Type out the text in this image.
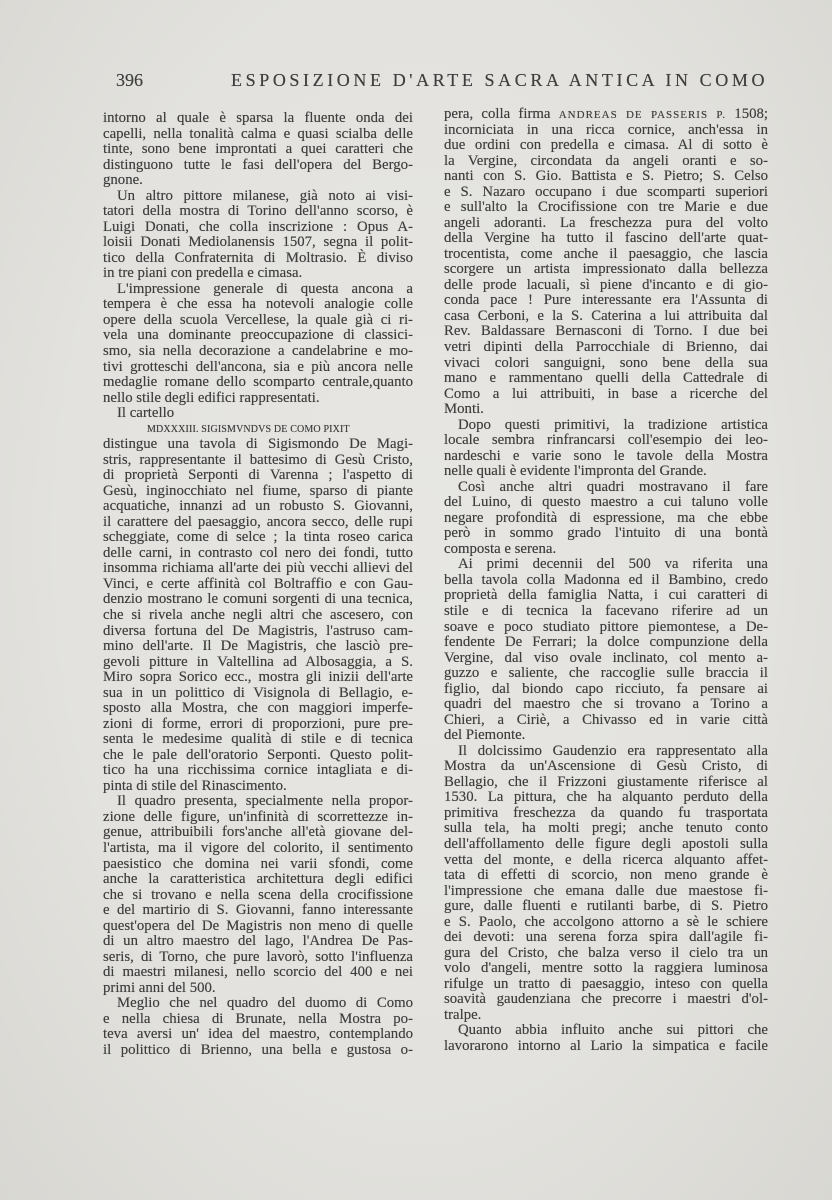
396	ESPOSIZIONE D'ARTE SACRA ANTICA IN COMO
intorno al quale è sparsa la fluente onda dei
capelli, nella tonalità calma e quasi scialba delle
tinte, sono bene improntati a quei caratteri che
distinguono tutte le fasi dell'opera del Bergo-
gnone.
Un altro pittore milanese, già noto ai visi-
tatori della mostra di Torino dell'anno scorso, è
Luigi Donati, che colla inscrizione : Opus A-
loisii Donati Mediolanensis 1507, segna il polit-
tico della Confraternita di Moltrasio. È diviso
in tre piani con predella e cimasa.
L'impressione generale di questa ancona a
tempera è che essa ha notevoli analogie colle
opere della scuola Vercellese, la quale già ci ri-
vela una dominante preoccupazione di classici-
smo, sia nella decorazione a candelabrine e mo-
tivi grotteschi dell'ancona, sia e più ancora nelle
medaglie romane dello scomparto centrale,quanto
nello stile degli edifici rappresentati.
Il cartello
MDXXXIII. SIGISMVNDVS DE COMO PIXIT
distingue una tavola di Sigismondo De Magi-
stris, rappresentante il battesimo di Gesù Cristo,
di proprietà Serponti di Varenna ; l'aspetto di
Gesù, inginocchiato nel fiume, sparso di piante
acquatiche, innanzi ad un robusto S. Giovanni,
il carattere del paesaggio, ancora secco, delle rupi
scheggiate, come di selce ; la tinta roseo carica
delle carni, in contrasto col nero dei fondi, tutto
insomma richiama all'arte dei più vecchi allievi del
Vinci, e certe affinità col Boltraffio e con Gau-
denzio mostrano le comuni sorgenti di una tecnica,
che si rivela anche negli altri che ascesero, con
diversa fortuna del De Magistris, l'astruso cam-
mino dell'arte. Il De Magistris, che lasciò pre-
gevoli pitture in Valtellina ad Albosaggia, a S.
Miro sopra Sorico ecc., mostra gli inizii dell'arte
sua in un polittico di Visignola di Bellagio, e-
sposto alla Mostra, che con maggiori imperfe-
zioni di forme, errori di proporzioni, pure pre-
senta le medesime qualità di stile e di tecnica
che le pale dell'oratorio Serponti. Questo polit-
tico ha una ricchissima cornice intagliata e di-
pinta di stile del Rinascimento.
Il quadro presenta, specialmente nella propor-
zione delle figure, un'infinità di scorrettezze in-
genue, attribuibili fors'anche all'età giovane del-
l'artista, ma il vigore del colorito, il sentimento
paesistico che domina nei varii sfondi, come
anche la caratteristica architettura degli edifici
che si trovano e nella scena della crocifissione
e del martirio di S. Giovanni, fanno interessante
quest'opera del De Magistris non meno di quelle
di un altro maestro del lago, l'Andrea De Pas-
seris, di Torno, che pure lavorò, sotto l'influenza
di maestri milanesi, nello scorcio del 400 e nei
primi anni del 500.
Meglio che nel quadro del duomo di Como
e nella chiesa di Brunate, nella Mostra po-
teva aversi un' idea del maestro, contemplando
il polittico di Brienno, una bella e gustosa o-
pera, colla firma ANDREAS DE PASSERIS P. 1508;
incorniciata in una ricca cornice, anch'essa in
due ordini con predella e cimasa. Al di sotto è
la Vergine, circondata da angeli oranti e so-
nanti con S. Gio. Battista e S. Pietro; S. Celso
e S. Nazaro occupano i due scomparti superiori
e sull'alto la Crocifissione con tre Marie e due
angeli adoranti. La freschezza pura del volto
della Vergine ha tutto il fascino dell'arte quat-
trocentista, come anche il paesaggio, che lascia
scorgere un artista impressionato dalla bellezza
delle prode lacuali, sì piene d'incanto e di gio-
conda pace ! Pure interessante era l'Assunta di
casa Cerboni, e la S. Caterina a lui attribuita dal
Rev. Baldassare Bernasconi di Torno. I due bei
vetri dipinti della Parrocchiale di Brienno, dai
vivaci colori sanguigni, sono bene della sua
mano e rammentano quelli della Cattedrale di
Como a lui attribuiti, in base a ricerche del
Monti.
Dopo questi primitivi, la tradizione artistica
locale sembra rinfrancarsi coll'esempio dei leo-
nardeschi e varie sono le tavole della Mostra
nelle quali è evidente l'impronta del Grande.
Così anche altri quadri mostravano il fare
del Luino, di questo maestro a cui taluno volle
negare profondità di espressione, ma che ebbe
però in sommo grado l'intuito di una bontà
composta e serena.
Ai primi decennii del 500 va riferita una
bella tavola colla Madonna ed il Bambino, credo
proprietà della famiglia Natta, i cui caratteri di
stile e di tecnica la facevano riferire ad un
soave e poco studiato pittore piemontese, a De-
fendente De Ferrari; la dolce compunzione della
Vergine, dal viso ovale inclinato, col mento a-
guzzo e saliente, che raccoglie sulle braccia il
figlio, dal biondo capo ricciuto, fa pensare ai
quadri del maestro che si trovano a Torino a
Chieri, a Ciriè, a Chivasso ed in varie città
del Piemonte.
Il dolcissimo Gaudenzio era rappresentato alla
Mostra da un'Ascensione di Gesù Cristo, di
Bellagio, che il Frizzoni giustamente riferisce al
1530. La pittura, che ha alquanto perduto della
primitiva freschezza da quando fu trasportata
sulla tela, ha molti pregi; anche tenuto conto
dell'affollamento delle figure degli apostoli sulla
vetta del monte, e della ricerca alquanto affet-
tata di effetti di scorcio, non meno grande è
l'impressione che emana dalle due maestose fi-
gure, dalle fluenti e rutilanti barbe, di S. Pietro
e S. Paolo, che accolgono attorno a sè le schiere
dei devoti: una serena forza spira dall'agile fi-
gura del Cristo, che balza verso il cielo tra un
volo d'angeli, mentre sotto la raggiera luminosa
rifulge un tratto di paesaggio, inteso con quella
soavità gaudenziana che precorre i maestri d'ol-
tralpe.
Quanto abbia influito anche sui pittori che
lavorarono intorno al Lario la simpatica e facile
